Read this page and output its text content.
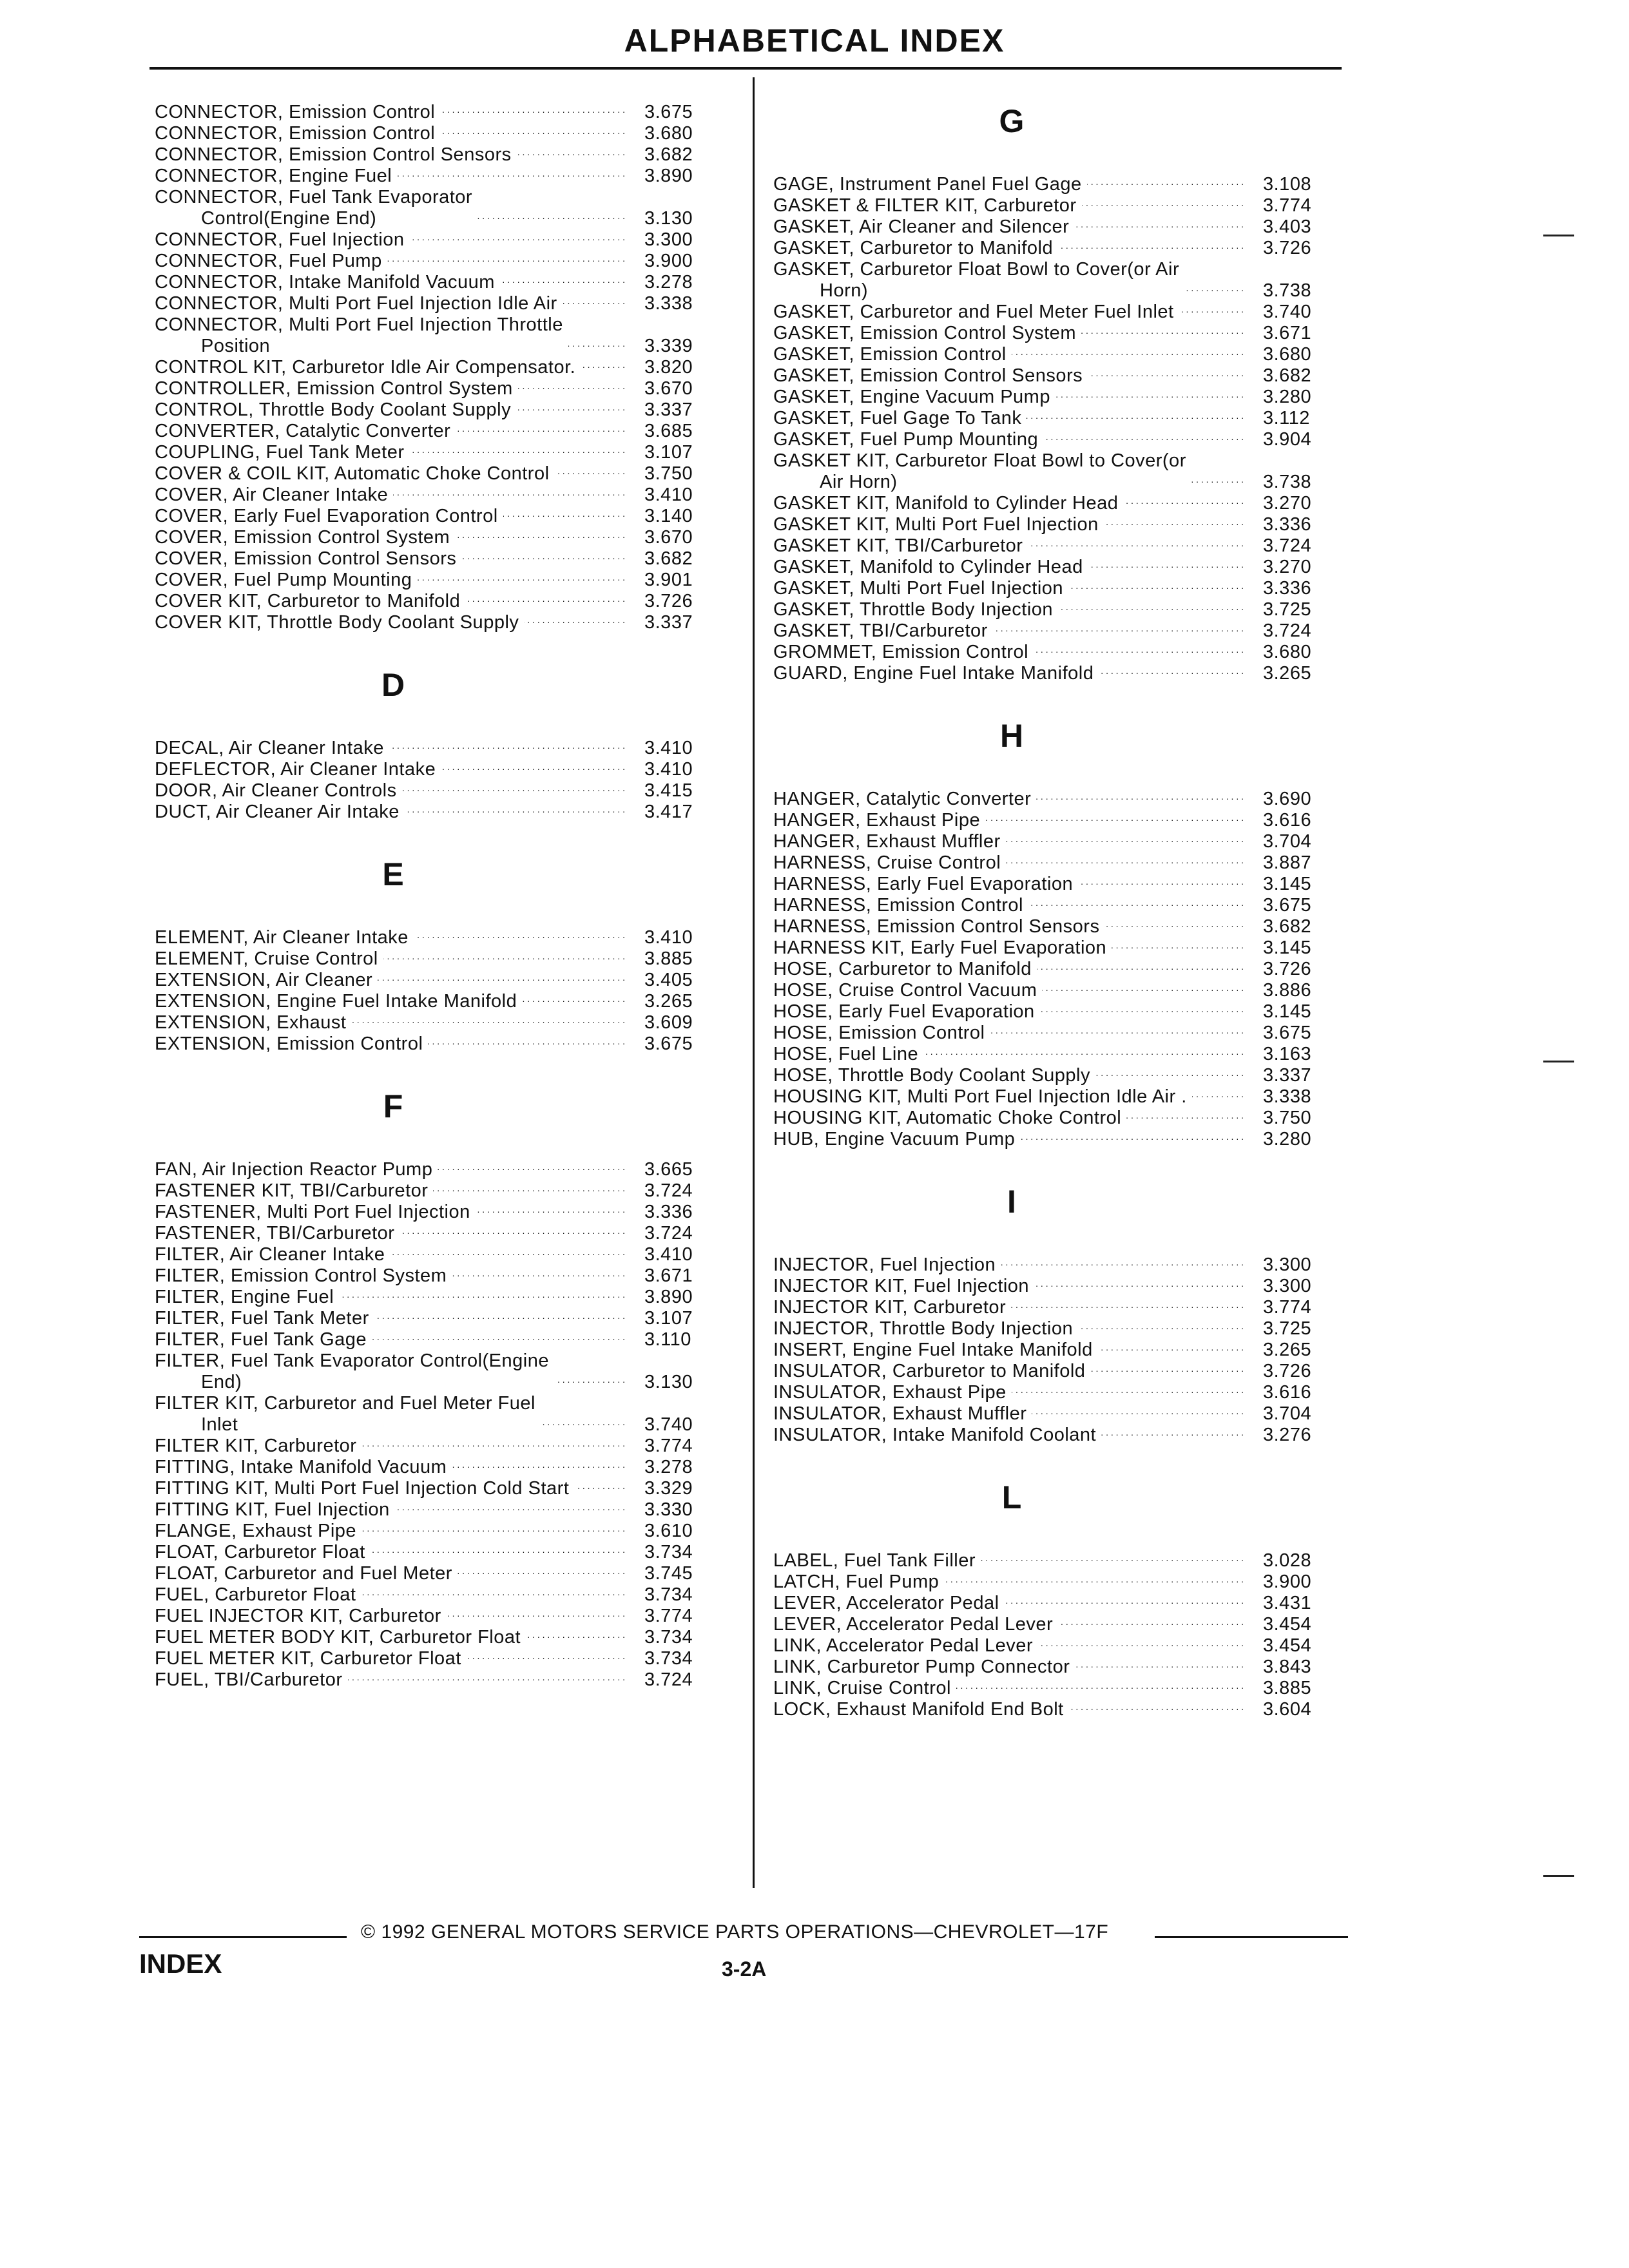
ALPHABETICAL INDEX
CONNECTOR, Emission Control . . .	3.675
CONNECTOR, Emission Control . . .	3.680
CONNECTOR, Emission Control Sensors . . .	3.682
CONNECTOR, Engine Fuel . . .	3.890
CONNECTOR, Fuel Tank Evaporator
Control(Engine End) . . .	3.130
CONNECTOR, Fuel Injection . . .	3.300
CONNECTOR, Fuel Pump . . .	3.900
CONNECTOR, Intake Manifold Vacuum . . .	3.278
CONNECTOR, Multi Port Fuel Injection Idle Air . . .	3.338
CONNECTOR, Multi Port Fuel Injection Throttle
Position . . .	3.339
CONTROL KIT, Carburetor Idle Air Compensator. . . .	3.820
CONTROLLER, Emission Control System . . .	3.670
CONTROL, Throttle Body Coolant Supply . . .	3.337
CONVERTER, Catalytic Converter . . .	3.685
COUPLING, Fuel Tank Meter . . .	3.107
COVER & COIL KIT, Automatic Choke Control . . .	3.750
COVER, Air Cleaner Intake . . .	3.410
COVER, Early Fuel Evaporation Control . . .	3.140
COVER, Emission Control System . . .	3.670
COVER, Emission Control Sensors . . .	3.682
COVER, Fuel Pump Mounting . . .	3.901
COVER KIT, Carburetor to Manifold . . .	3.726
COVER KIT, Throttle Body Coolant Supply . . .	3.337
D
DECAL, Air Cleaner Intake . . .	3.410
DEFLECTOR, Air Cleaner Intake . . .	3.410
DOOR, Air Cleaner Controls . . .	3.415
DUCT, Air Cleaner Air Intake . . .	3.417
E
ELEMENT, Air Cleaner Intake . . .	3.410
ELEMENT, Cruise Control . . .	3.885
EXTENSION, Air Cleaner . . .	3.405
EXTENSION, Engine Fuel Intake Manifold . . .	3.265
EXTENSION, Exhaust . . .	3.609
EXTENSION, Emission Control . . .	3.675
F
FAN, Air Injection Reactor Pump . . .	3.665
FASTENER KIT, TBI/Carburetor . . .	3.724
FASTENER, Multi Port Fuel Injection . . .	3.336
FASTENER, TBI/Carburetor . . .	3.724
FILTER, Air Cleaner Intake . . .	3.410
FILTER, Emission Control System . . .	3.671
FILTER, Engine Fuel . . .	3.890
FILTER, Fuel Tank Meter . . .	3.107
FILTER, Fuel Tank Gage . . .	3.110
FILTER, Fuel Tank Evaporator Control(Engine
End) . . .	3.130
FILTER KIT, Carburetor and Fuel Meter Fuel
Inlet . . .	3.740
FILTER KIT, Carburetor . . .	3.774
FITTING, Intake Manifold Vacuum . . .	3.278
FITTING KIT, Multi Port Fuel Injection Cold Start . . .	3.329
FITTING KIT, Fuel Injection . . .	3.330
FLANGE, Exhaust Pipe . . .	3.610
FLOAT, Carburetor Float . . .	3.734
FLOAT, Carburetor and Fuel Meter . . .	3.745
FUEL, Carburetor Float . . .	3.734
FUEL INJECTOR KIT, Carburetor . . .	3.774
FUEL METER BODY KIT, Carburetor Float . . .	3.734
FUEL METER KIT, Carburetor Float . . .	3.734
FUEL, TBI/Carburetor . . .	3.724
G
GAGE, Instrument Panel Fuel Gage . . .	3.108
GASKET & FILTER KIT, Carburetor . . .	3.774
GASKET, Air Cleaner and Silencer . . .	3.403
GASKET, Carburetor to Manifold . . .	3.726
GASKET, Carburetor Float Bowl to Cover(or Air
Horn) . . .	3.738
GASKET, Carburetor and Fuel Meter Fuel Inlet . . .	3.740
GASKET, Emission Control System . . .	3.671
GASKET, Emission Control . . .	3.680
GASKET, Emission Control Sensors . . .	3.682
GASKET, Engine Vacuum Pump . . .	3.280
GASKET, Fuel Gage To Tank . . .	3.112
GASKET, Fuel Pump Mounting . . .	3.904
GASKET KIT, Carburetor Float Bowl to Cover(or
Air Horn) . . .	3.738
GASKET KIT, Manifold to Cylinder Head . . .	3.270
GASKET KIT, Multi Port Fuel Injection . . .	3.336
GASKET KIT, TBI/Carburetor . . .	3.724
GASKET, Manifold to Cylinder Head . . .	3.270
GASKET, Multi Port Fuel Injection . . .	3.336
GASKET, Throttle Body Injection . . .	3.725
GASKET, TBI/Carburetor . . .	3.724
GROMMET, Emission Control . . .	3.680
GUARD, Engine Fuel Intake Manifold . . .	3.265
H
HANGER, Catalytic Converter . . .	3.690
HANGER, Exhaust Pipe . . .	3.616
HANGER, Exhaust Muffler . . .	3.704
HARNESS, Cruise Control . . .	3.887
HARNESS, Early Fuel Evaporation . . .	3.145
HARNESS, Emission Control . . .	3.675
HARNESS, Emission Control Sensors . . .	3.682
HARNESS KIT, Early Fuel Evaporation . . .	3.145
HOSE, Carburetor to Manifold . . .	3.726
HOSE, Cruise Control Vacuum . . .	3.886
HOSE, Early Fuel Evaporation . . .	3.145
HOSE, Emission Control . . .	3.675
HOSE, Fuel Line . . .	3.163
HOSE, Throttle Body Coolant Supply . . .	3.337
HOUSING KIT, Multi Port Fuel Injection Idle Air . . . .	3.338
HOUSING KIT, Automatic Choke Control . . .	3.750
HUB, Engine Vacuum Pump . . .	3.280
I
INJECTOR, Fuel Injection . . .	3.300
INJECTOR KIT, Fuel Injection . . .	3.300
INJECTOR KIT, Carburetor . . .	3.774
INJECTOR, Throttle Body Injection . . .	3.725
INSERT, Engine Fuel Intake Manifold . . .	3.265
INSULATOR, Carburetor to Manifold . . .	3.726
INSULATOR, Exhaust Pipe . . .	3.616
INSULATOR, Exhaust Muffler . . .	3.704
INSULATOR, Intake Manifold Coolant . . .	3.276
L
LABEL, Fuel Tank Filler . . .	3.028
LATCH, Fuel Pump . . .	3.900
LEVER, Accelerator Pedal . . .	3.431
LEVER, Accelerator Pedal Lever . . .	3.454
LINK, Accelerator Pedal Lever . . .	3.454
LINK, Carburetor Pump Connector . . .	3.843
LINK, Cruise Control . . .	3.885
LOCK, Exhaust Manifold End Bolt . . .	3.604
© 1992 GENERAL MOTORS SERVICE PARTS OPERATIONS—CHEVROLET—17F
INDEX	3-2A
